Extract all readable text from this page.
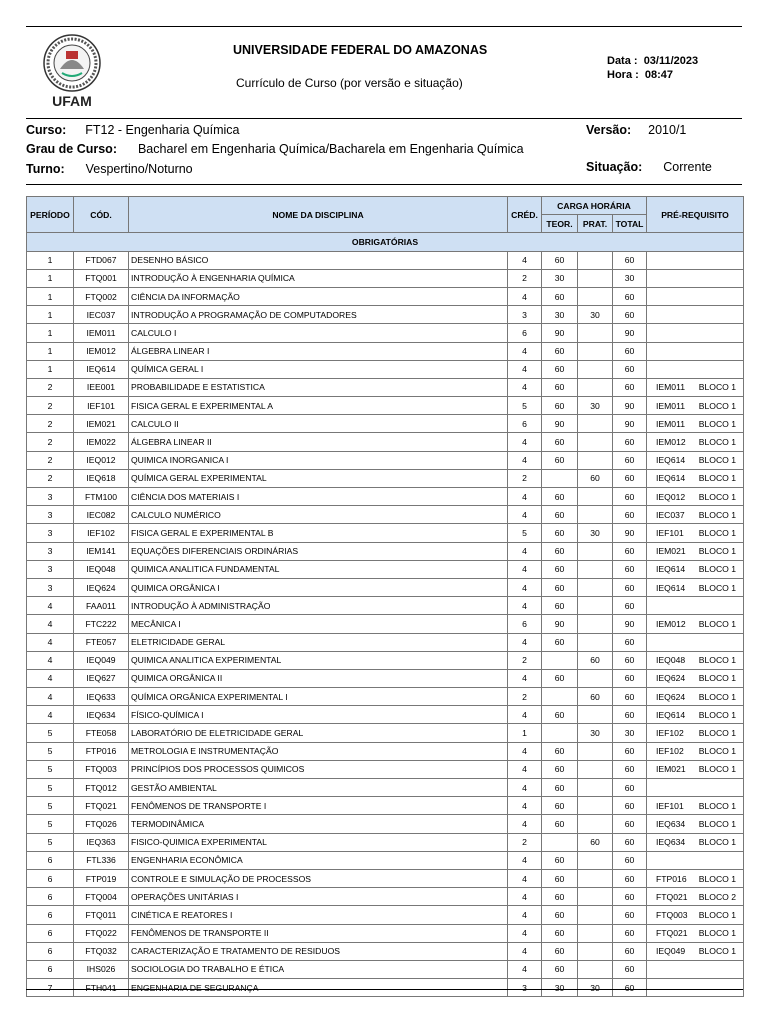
UFAM
UNIVERSIDADE FEDERAL DO AMAZONAS
Currículo de Curso (por versão e situação)
Data : 03/11/2023
Hora : 08:47
Curso: FT12 - Engenharia Química	Versão: 2010/1
Grau de Curso: Bacharel em Engenharia Química/Bacharela em Engenharia Química
Turno: Vespertino/Noturno	Situação: Corrente
PERÍODO	CÓD.	NOME DA DISCIPLINA	CRÉD.	CARGA HORÁRIA			PRÉ-REQUISITO
				TEOR.	PRAT.	TOTAL	
OBRIGATÓRIAS							
1	FTD067	DESENHO BÁSICO	4	60		60	

1	FTQ001	INTRODUÇÃO À ENGENHARIA QUÍMICA	2	30		30	

1	FTQ002	CIÊNCIA DA INFORMAÇÃO	4	60		60	

1	IEC037	INTRODUÇÃO A PROGRAMAÇÃO DE COMPUTADORES	3	30	30	60	

1	IEM011	CALCULO I	6	90		90	

1	IEM012	ÁLGEBRA LINEAR I	4	60		60	

1	IEQ614	QUÍMICA GERAL I	4	60		60	

2	IEE001	PROBABILIDADE E ESTATISTICA	4	60		60	IEM011 BLOCO 1

2	IEF101	FISICA GERAL E EXPERIMENTAL A	5	60	30	90	IEM011 BLOCO 1

2	IEM021	CALCULO II	6	90		90	IEM011 BLOCO 1

2	IEM022	ÁLGEBRA LINEAR II	4	60		60	IEM012 BLOCO 1

2	IEQ012	QUIMICA INORGANICA I	4	60		60	IEQ614 BLOCO 1

2	IEQ618	QUÍMICA GERAL EXPERIMENTAL	2		60	60	IEQ614 BLOCO 1

3	FTM100	CIÊNCIA DOS MATERIAIS I	4	60		60	IEQ012 BLOCO 1

3	IEC082	CALCULO NUMÉRICO	4	60		60	IEC037 BLOCO 1

3	IEF102	FISICA GERAL E EXPERIMENTAL B	5	60	30	90	IEF101 BLOCO 1

3	IEM141	EQUAÇÕES DIFERENCIAIS ORDINÁRIAS	4	60		60	IEM021 BLOCO 1

3	IEQ048	QUIMICA ANALITICA FUNDAMENTAL	4	60		60	IEQ614 BLOCO 1

3	IEQ624	QUIMICA ORGÂNICA I	4	60		60	IEQ614 BLOCO 1

4	FAA011	INTRODUÇÃO À ADMINISTRAÇÃO	4	60		60	

4	FTC222	MECÂNICA I	6	90		90	IEM012 BLOCO 1

4	FTE057	ELETRICIDADE GERAL	4	60		60	

4	IEQ049	QUIMICA ANALITICA EXPERIMENTAL	2		60	60	IEQ048 BLOCO 1

4	IEQ627	QUIMICA ORGÂNICA II	4	60		60	IEQ624 BLOCO 1

4	IEQ633	QUÍMICA ORGÂNICA EXPERIMENTAL I	2		60	60	IEQ624 BLOCO 1

4	IEQ634	FÍSICO-QUÍMICA I	4	60		60	IEQ614 BLOCO 1

5	FTE058	LABORATÓRIO DE ELETRICIDADE GERAL	1		30	30	IEF102 BLOCO 1

5	FTP016	METROLOGIA E INSTRUMENTAÇÃO	4	60		60	IEF102 BLOCO 1

5	FTQ003	PRINCÍPIOS DOS PROCESSOS QUIMICOS	4	60		60	IEM021 BLOCO 1

5	FTQ012	GESTÃO AMBIENTAL	4	60		60	

5	FTQ021	FENÔMENOS DE TRANSPORTE I	4	60		60	IEF101 BLOCO 1

5	FTQ026	TERMODINÂMICA	4	60		60	IEQ634 BLOCO 1

5	IEQ363	FISICO-QUIMICA EXPERIMENTAL	2		60	60	IEQ634 BLOCO 1

6	FTL336	ENGENHARIA ECONÔMICA	4	60		60	

6	FTP019	CONTROLE E SIMULAÇÃO DE PROCESSOS	4	60		60	FTP016 BLOCO 1

6	FTQ004	OPERAÇÕES UNITÁRIAS I	4	60		60	FTQ021 BLOCO 2

6	FTQ011	CINÉTICA E REATORES I	4	60		60	FTQ003 BLOCO 1

6	FTQ022	FENÔMENOS DE TRANSPORTE II	4	60		60	FTQ021 BLOCO 1

6	FTQ032	CARACTERIZAÇÃO E TRATAMENTO DE RESIDUOS	4	60		60	IEQ049 BLOCO 1

6	IHS026	SOCIOLOGIA DO TRABALHO E ÉTICA	4	60		60	

7	FTH041	ENGENHARIA DE SEGURANÇA	3	30	30	60	
